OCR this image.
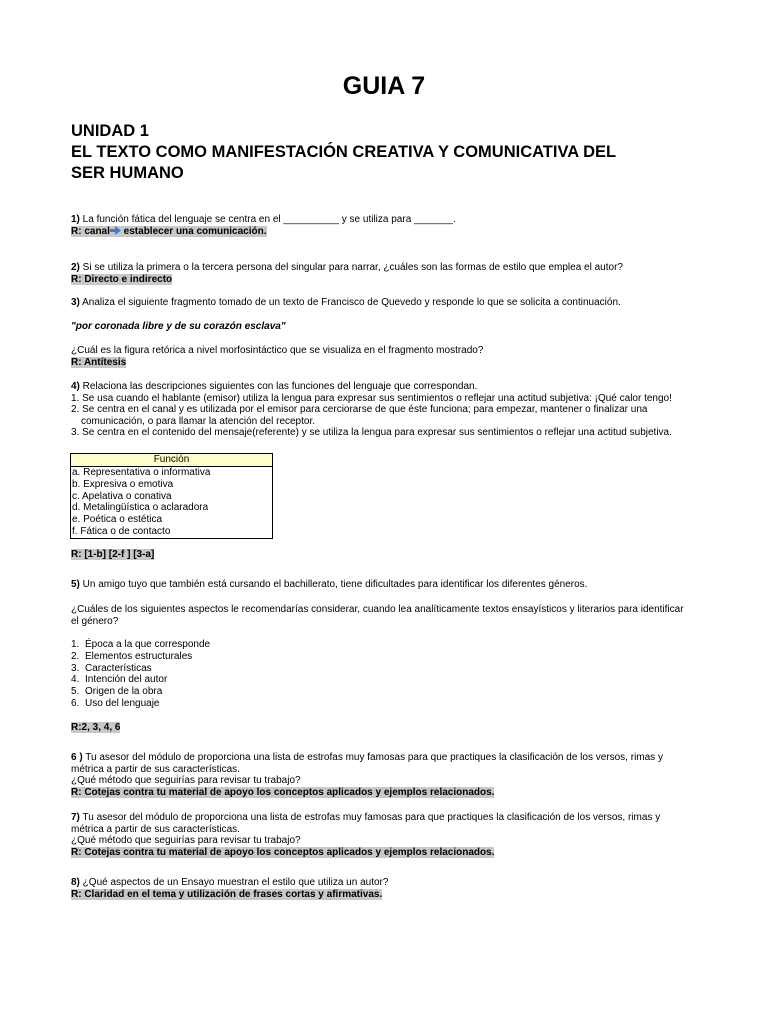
GUIA 7
UNIDAD 1
EL TEXTO COMO MANIFESTACIÓN CREATIVA Y COMUNICATIVA DEL
SER HUMANO
1) La función fática del lenguaje se centra en el __________ y se utiliza para _______.
R: canal establecer una comunicación.
2) Si se utiliza la primera o la tercera persona del singular para narrar, ¿cuáles son las formas de estilo que emplea el autor?
R: Directo e indirecto
3) Analiza el siguiente fragmento tomado de un texto de Francisco de Quevedo y responde lo que se solicita a continuación.
"por coronada libre y de su corazón esclava"
¿Cuál es la figura retórica a nivel morfosintáctico que se visualiza en el fragmento mostrado?
R: Antítesis
4) Relaciona las descripciones siguientes con las funciones del lenguaje que correspondan.
1. Se usa cuando el hablante (emisor) utiliza la lengua para expresar sus sentimientos o reflejar una actitud subjetiva: ¡Qué calor tengo!
2. Se centra en el canal y es utilizada por el emisor para cerciorarse de que éste funciona; para empezar, mantener o finalizar una
comunicación, o para llamar la atención del receptor.
3. Se centra en el contenido del mensaje(referente) y se utiliza la lengua para expresar sus sentimientos o reflejar una actitud subjetiva.
Función
a. Representativa o informativa
b. Expresiva o emotiva
c. Apelativa o conativa
d. Metalingüística o aclaradora
e. Poética o estética
f. Fática o de contacto
R: [1-b] [2-f ] [3-a]
5) Un amigo tuyo que también está cursando el bachillerato, tiene dificultades para identificar los diferentes géneros.
¿Cuáles de los siguientes aspectos le recomendarías considerar, cuando lea analíticamente textos ensayísticos y literarios para identificar
el género?
1. Época a la que corresponde
2. Elementos estructurales
3. Características
4. Intención del autor
5. Origen de la obra
6. Uso del lenguaje
R:2, 3, 4, 6
6 ) Tu asesor del módulo de proporciona una lista de estrofas muy famosas para que practiques la clasificación de los versos, rimas y
métrica a partir de sus características.
¿Qué método que seguirías para revisar tu trabajo?
R: Cotejas contra tu material de apoyo los conceptos aplicados y ejemplos relacionados.
7) Tu asesor del módulo de proporciona una lista de estrofas muy famosas para que practiques la clasificación de los versos, rimas y
métrica a partir de sus características.
¿Qué método que seguirías para revisar tu trabajo?
R: Cotejas contra tu material de apoyo los conceptos aplicados y ejemplos relacionados.
8) ¿Qué aspectos de un Ensayo muestran el estilo que utiliza un autor?
R: Claridad en el tema y utilización de frases cortas y afirmativas.
